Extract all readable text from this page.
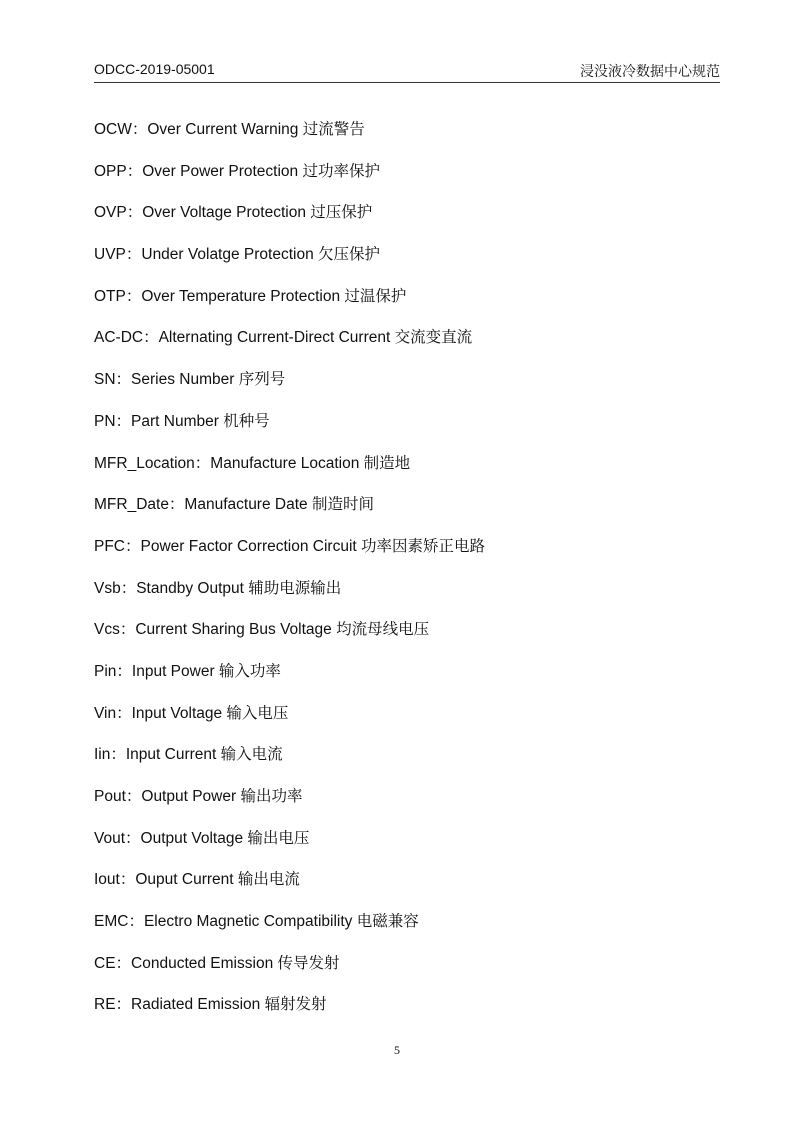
ODCC-2019-05001	浸没液冷数据中心规范
OCW：Over Current Warning 过流警告
OPP：Over Power Protection 过功率保护
OVP：Over Voltage Protection 过压保护
UVP：Under Volatge Protection 欠压保护
OTP：Over Temperature Protection 过温保护
AC-DC：Alternating Current-Direct Current 交流变直流
SN：Series Number 序列号
PN：Part Number 机种号
MFR_Location：Manufacture Location 制造地
MFR_Date：Manufacture Date 制造时间
PFC：Power Factor Correction Circuit 功率因素矫正电路
Vsb：Standby Output 辅助电源输出
Vcs：Current Sharing Bus Voltage 均流母线电压
Pin：Input Power 输入功率
Vin：Input Voltage 输入电压
Iin：Input Current 输入电流
Pout：Output Power 输出功率
Vout：Output Voltage 输出电压
Iout：Ouput Current 输出电流
EMC：Electro Magnetic Compatibility 电磁兼容
CE：Conducted Emission 传导发射
RE：Radiated Emission 辐射发射
5
